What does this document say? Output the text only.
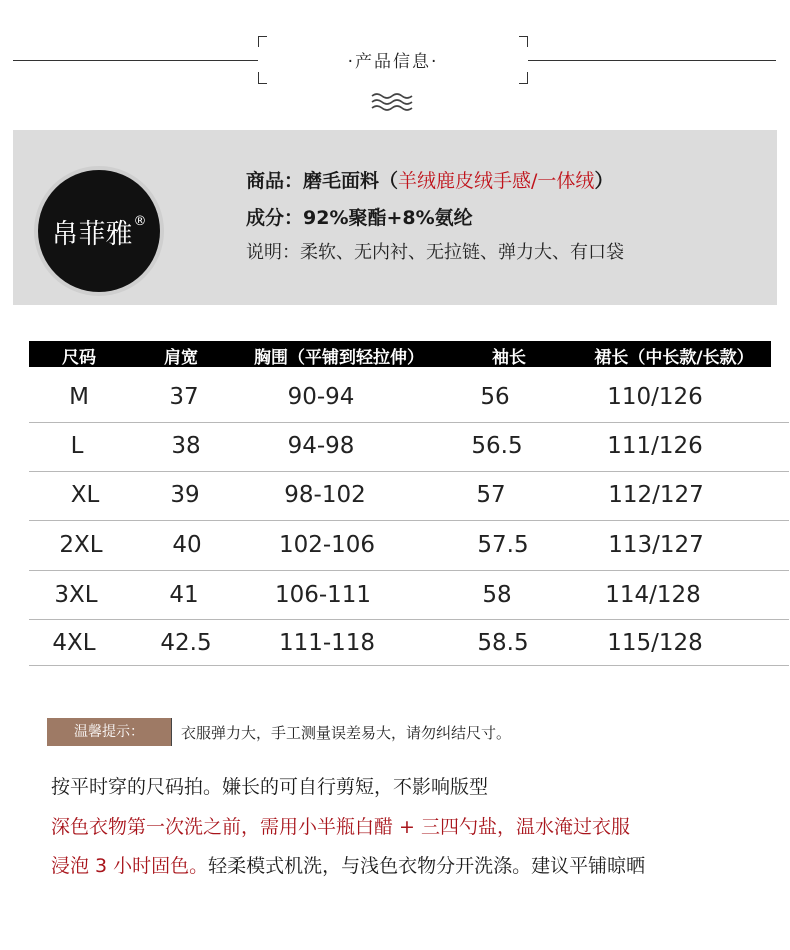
·产品信息·
帛菲雅®
商品：磨毛面料（羊绒鹿皮绒手感/一体绒）
成分：92%聚酯+8%氨纶
说明：柔软、无内衬、无拉链、弹力大、有口袋
尺码	肩宽	胸围（平铺到轻拉伸）	袖长	裙长（中长款/长款）
M	37	90-94	56	110/126
L	38	94-98	56.5	111/126
XL	39	98-102	57	112/127
2XL	40	102-106	57.5	113/127
3XL	41	106-111	58	114/128
4XL	42.5	111-118	58.5	115/128
温馨提示：	衣服弹力大，手工测量误差易大，请勿纠结尺寸。
按平时穿的尺码拍。嫌长的可自行剪短，不影响版型
深色衣物第一次洗之前，需用小半瓶白醋 + 三四勺盐，温水淹过衣服
浸泡 3 小时固色。轻柔模式机洗，与浅色衣物分开洗涤。建议平铺晾晒
